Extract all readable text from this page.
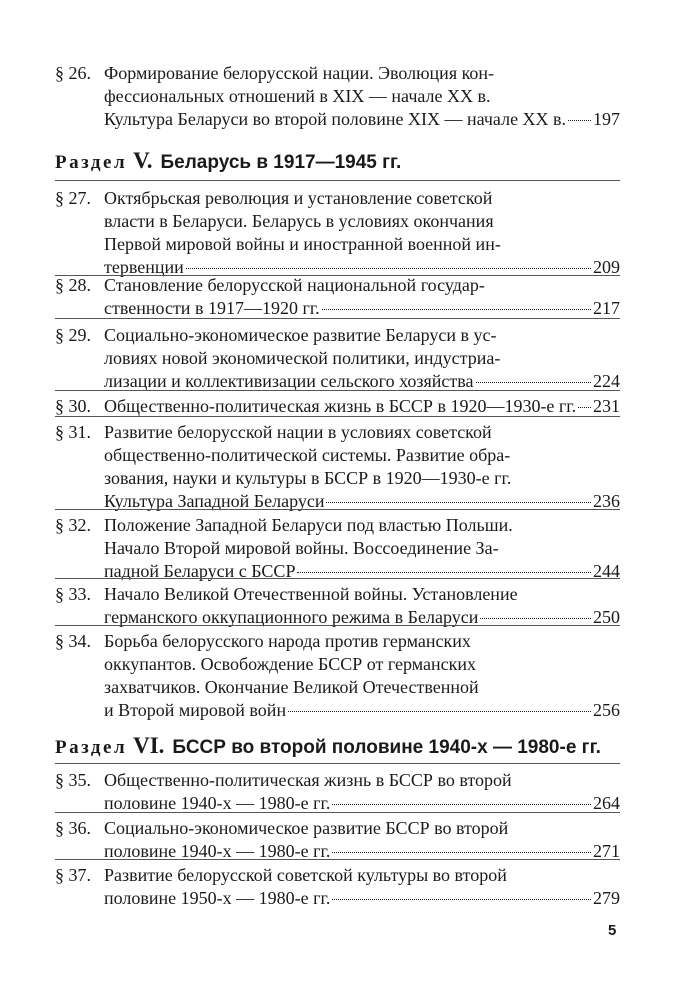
§ 26. Формирование белорусской нации. Эволюция кон-
фессиональных отношений в XIX — начале XX в.
Культура Беларуси во второй половине XIX — начале XX в. 197
Раздел V. Беларусь в 1917—1945 гг.
§ 27. Октябрьская революция и установление советской
власти в Беларуси. Беларусь в условиях окончания
Первой мировой войны и иностранной военной ин-
тервенции	209
§ 28. Становление белорусской национальной государ-
ственности в 1917—1920 гг.	217
§ 29. Социально-экономическое развитие Беларуси в ус-
ловиях новой экономической политики, индустриа-
лизации и коллективизации сельского хозяйства	224
§ 30. Общественно-политическая жизнь в БССР в 1920—1930-е гг. 231
§ 31. Развитие белорусской нации в условиях советской
общественно-политической системы. Развитие обра-
зования, науки и культуры в БССР в 1920—1930-е гг.
Культура Западной Беларуси	236
§ 32. Положение Западной Беларуси под властью Польши.
Начало Второй мировой войны. Воссоединение За-
падной Беларуси с БССР	244
§ 33. Начало Великой Отечественной войны. Установление
германского оккупационного режима в Беларуси	250
§ 34. Борьба белорусского народа против германских
оккупантов. Освобождение БССР от германских
захватчиков. Окончание Великой Отечественной
и Второй мировой войн	256
Раздел VI. БССР во второй половине 1940-х — 1980-е гг.
§ 35. Общественно-политическая жизнь в БССР во второй
половине 1940-х — 1980-е гг.	264
§ 36. Социально-экономическое развитие БССР во второй
половине 1940-х — 1980-е гг.	271
§ 37. Развитие белорусской советской культуры во второй
половине 1950-х — 1980-е гг.	279
5
